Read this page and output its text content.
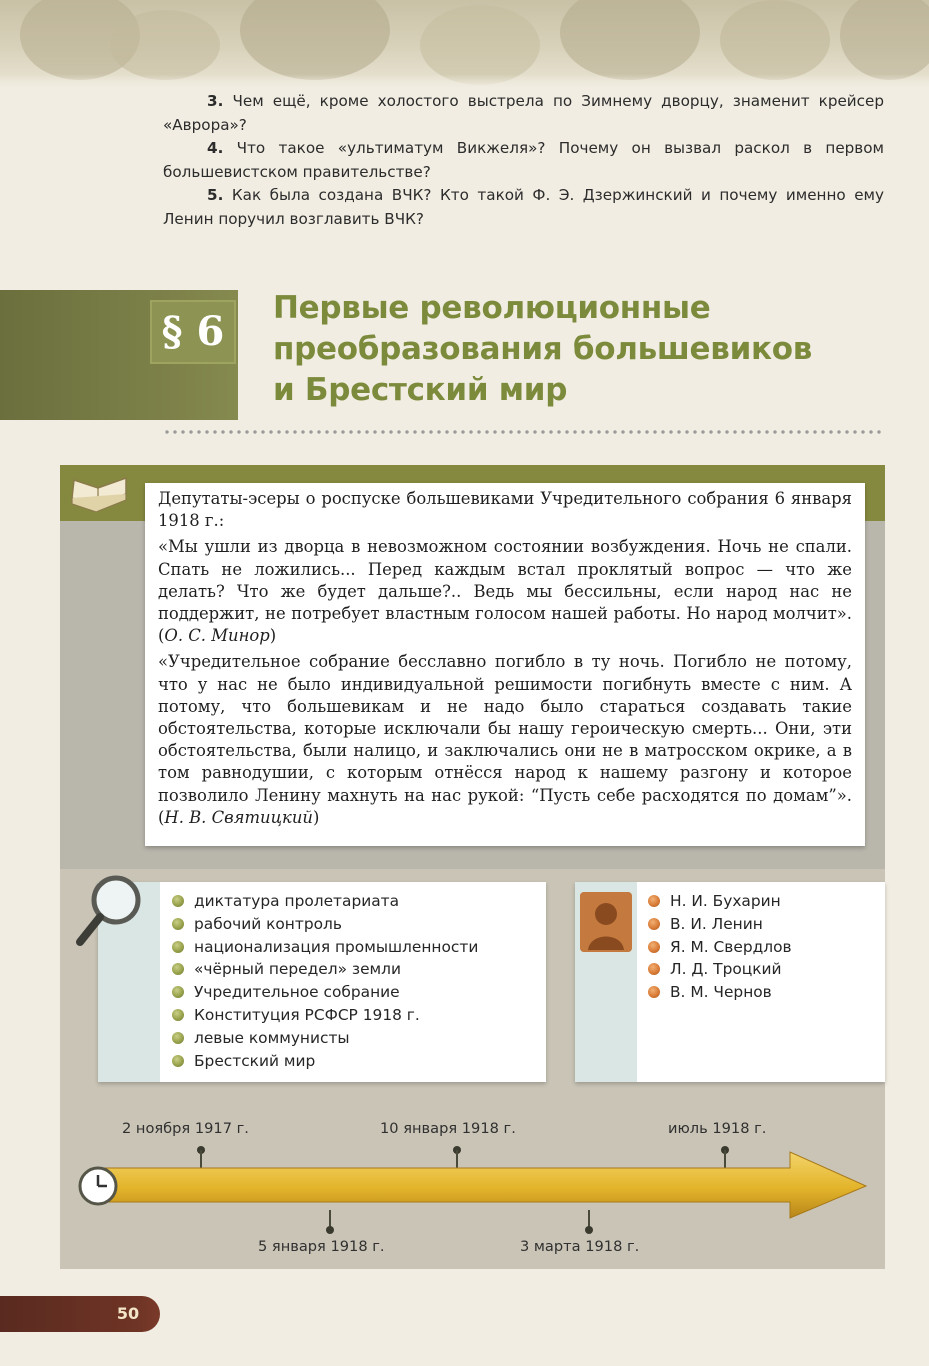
3. Чем ещё, кроме холостого выстрела по Зимнему дворцу, знаменит крейсер «Аврора»?

4. Что такое «ультиматум Викжеля»? Почему он вызвал раскол в первом большевистском правительстве?

5. Как была создана ВЧК? Кто такой Ф. Э. Дзержинский и почему именно ему Ленин поручил возглавить ВЧК?

§ 6	Первые революционные
преобразования большевиков
и Брестский мир

Депутаты-эсеры о роспуске большевиками Учредительного собрания 6 января 1918 г.:

«Мы ушли из дворца в невозможном состоянии возбуждения. Ночь не спали. Спать не ложились... Перед каждым встал проклятый вопрос — что же делать? Что же будет дальше?.. Ведь мы бессильны, если народ нас не поддержит, не потребует властным голосом нашей работы. Но народ молчит». (О. С. Минор)

«Учредительное собрание бесславно погибло в ту ночь. Погибло не потому, что у нас не было индивидуальной решимости погибнуть вместе с ним. А потому, что большевикам и не надо было стараться создавать такие обстоятельства, которые исключали бы нашу героическую смерть... Они, эти обстоятельства, были налицо, и заключались они не в матросском окрике, а в том равнодушии, с которым отнёсся народ к нашему разгону и которое позволило Ленину махнуть на нас рукой: “Пусть себе расходятся по домам”». (Н. В. Святицкий)

диктатура пролетариата
рабочий контроль
национализация промышленности
«чёрный передел» земли
Учредительное собрание
Конституция РСФСР 1918 г.
левые коммунисты
Брестский мир
Н. И. Бухарин
В. И. Ленин
Я. М. Свердлов
Л. Д. Троцкий
В. М. Чернов
2 ноября 1917 г.	10 января 1918 г.	июль 1918 г.
5 января 1918 г.	3 марта 1918 г.
50
